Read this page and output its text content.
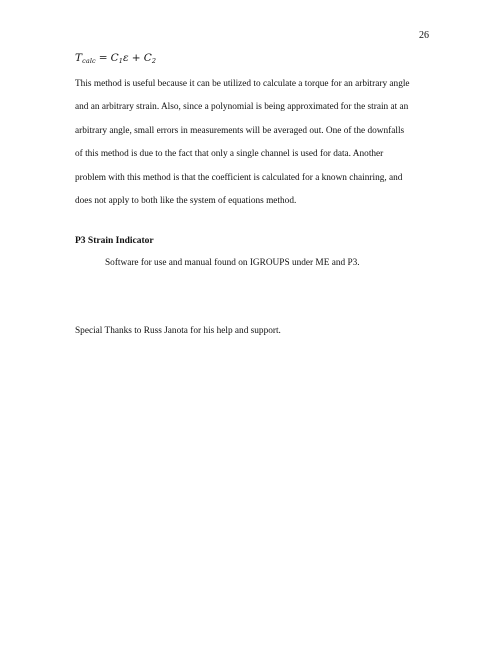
26
$T_{calc} = C_1\varepsilon + C_2$

This method is useful because it can be utilized to calculate a torque for an arbitrary angle
and an arbitrary strain. Also, since a polynomial is being approximated for the strain at an
arbitrary angle, small errors in measurements will be averaged out. One of the downfalls
of this method is due to the fact that only a single channel is used for data. Another
problem with this method is that the coefficient is calculated for a known chainring, and
does not apply to both like the system of equations method.

P3 Strain Indicator
Software for use and manual found on IGROUPS under ME and P3.
Special Thanks to Russ Janota for his help and support.
